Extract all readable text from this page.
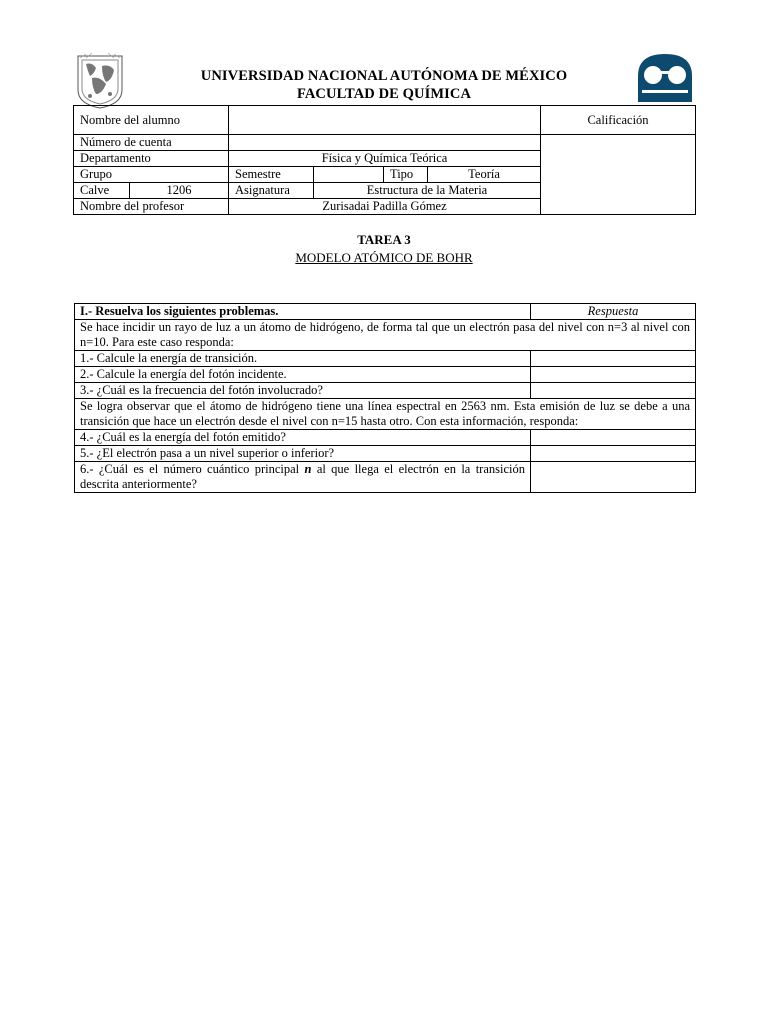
UNIVERSIDAD NACIONAL AUTÓNOMA DE MÉXICO
FACULTAD DE QUÍMICA
Nombre del alumno						Calificación
Número de cuenta						
Departamento		Física y Química Teórica				
Grupo		Semestre		Tipo	Teoría	
Calve	1206	Asignatura	Estructura de la Materia			
Nombre del profesor		Zurisadai Padilla Gómez				
TAREA 3
MODELO ATÓMICO DE BOHR
I.- Resuelva los siguientes problemas.	Respuesta
Se hace incidir un rayo de luz a un átomo de hidrógeno, de forma tal que un electrón pasa del nivel con n=3 al nivel con n=10. Para este caso responda:	
1.- Calcule la energía de transición.	
2.- Calcule la energía del fotón incidente.	
3.- ¿Cuál es la frecuencia del fotón involucrado?	
Se logra observar que el átomo de hidrógeno tiene una línea espectral en 2563 nm. Esta emisión de luz se debe a una transición que hace un electrón desde el nivel con n=15 hasta otro. Con esta información, responda:	
4.- ¿Cuál es la energía del fotón emitido?	
5.- ¿El electrón pasa a un nivel superior o inferior?	
6.- ¿Cuál es el número cuántico principal n al que llega el electrón en la transición descrita anteriormente?	
